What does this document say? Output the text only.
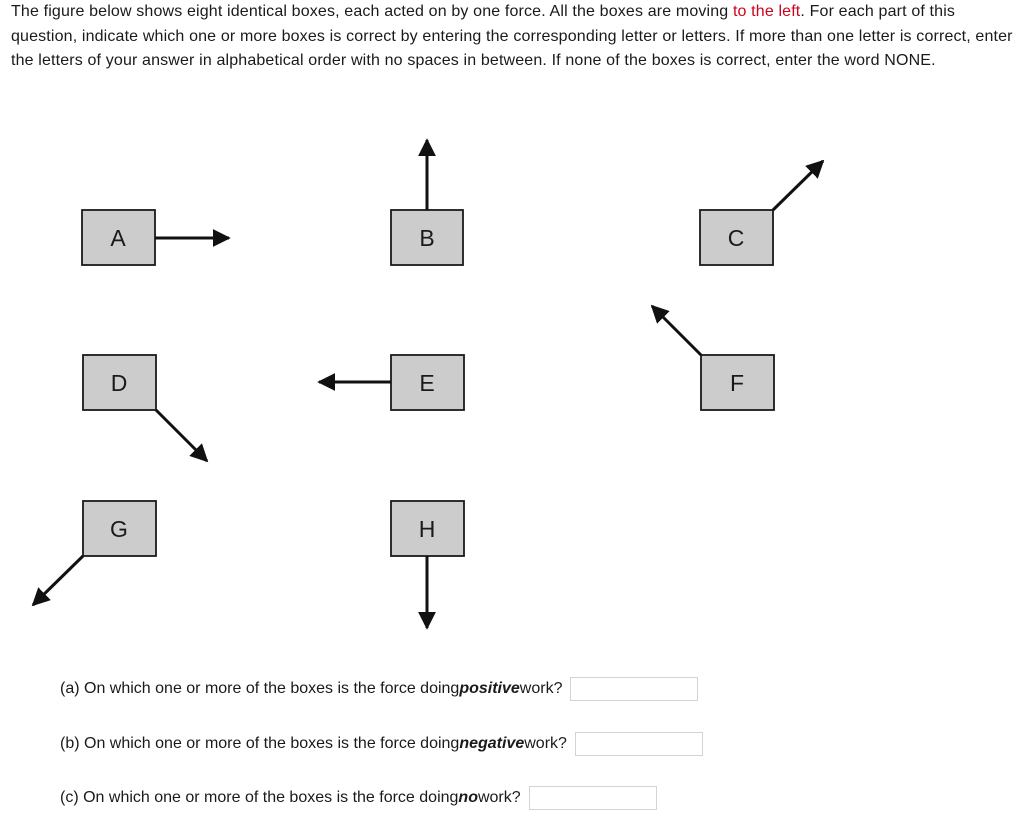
The figure below shows eight identical boxes, each acted on by one force. All the boxes are moving to the left. For each part of this question, indicate which one or more boxes is correct by entering the corresponding letter or letters. If more than one letter is correct, enter the letters of your answer in alphabetical order with no spaces in between. If none of the boxes is correct, enter the word NONE.
A	B	C
D	E	F
G	H
(a) On which one or more of the boxes is the force doing positive work?
(b) On which one or more of the boxes is the force doing negative work?
(c) On which one or more of the boxes is the force doing no work?
